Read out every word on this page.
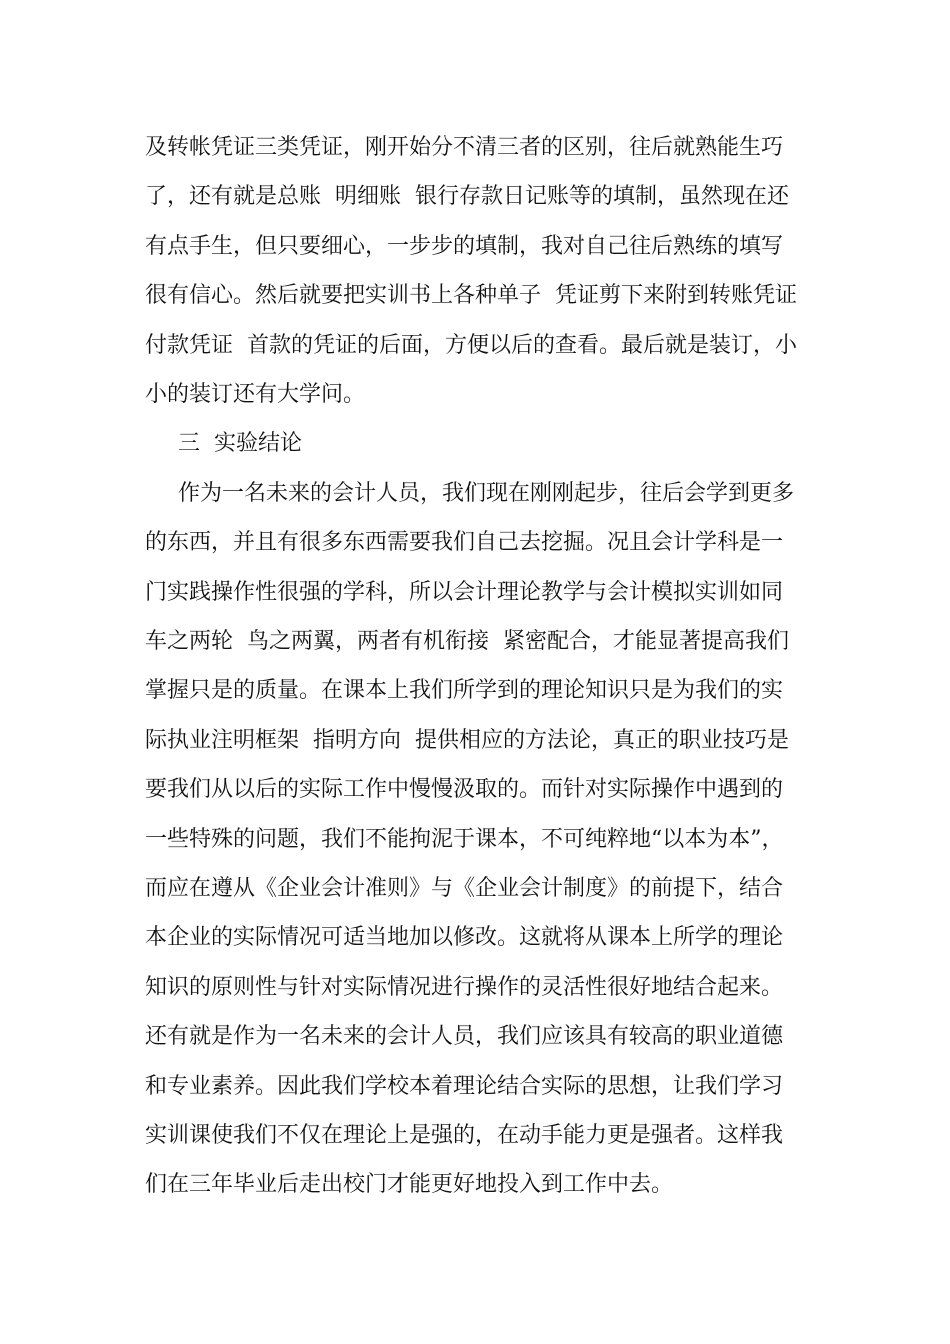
及转帐凭证三类凭证，刚开始分不清三者的区别，往后就熟能生巧
了，还有就是总账  明细账  银行存款日记账等的填制，虽然现在还
有点手生，但只要细心，一步步的填制，我对自己往后熟练的填写
很有信心。然后就要把实训书上各种单子  凭证剪下来附到转账凭证
付款凭证  首款的凭证的后面，方便以后的查看。最后就是装订，小
小的装订还有大学问。
三  实验结论
作为一名未来的会计人员，我们现在刚刚起步，往后会学到更多
的东西，并且有很多东西需要我们自己去挖掘。况且会计学科是一
门实践操作性很强的学科，所以会计理论教学与会计模拟实训如同
车之两轮  鸟之两翼，两者有机衔接  紧密配合，才能显著提高我们
掌握只是的质量。在课本上我们所学到的理论知识只是为我们的实
际执业注明框架  指明方向  提供相应的方法论，真正的职业技巧是
要我们从以后的实际工作中慢慢汲取的。而针对实际操作中遇到的
一些特殊的问题，我们不能拘泥于课本，不可纯粹地“以本为本”，
而应在遵从《企业会计准则》与《企业会计制度》的前提下，结合
本企业的实际情况可适当地加以修改。这就将从课本上所学的理论
知识的原则性与针对实际情况进行操作的灵活性很好地结合起来。
还有就是作为一名未来的会计人员，我们应该具有较高的职业道德
和专业素养。因此我们学校本着理论结合实际的思想，让我们学习
实训课使我们不仅在理论上是强的，在动手能力更是强者。这样我
们在三年毕业后走出校门才能更好地投入到工作中去。
